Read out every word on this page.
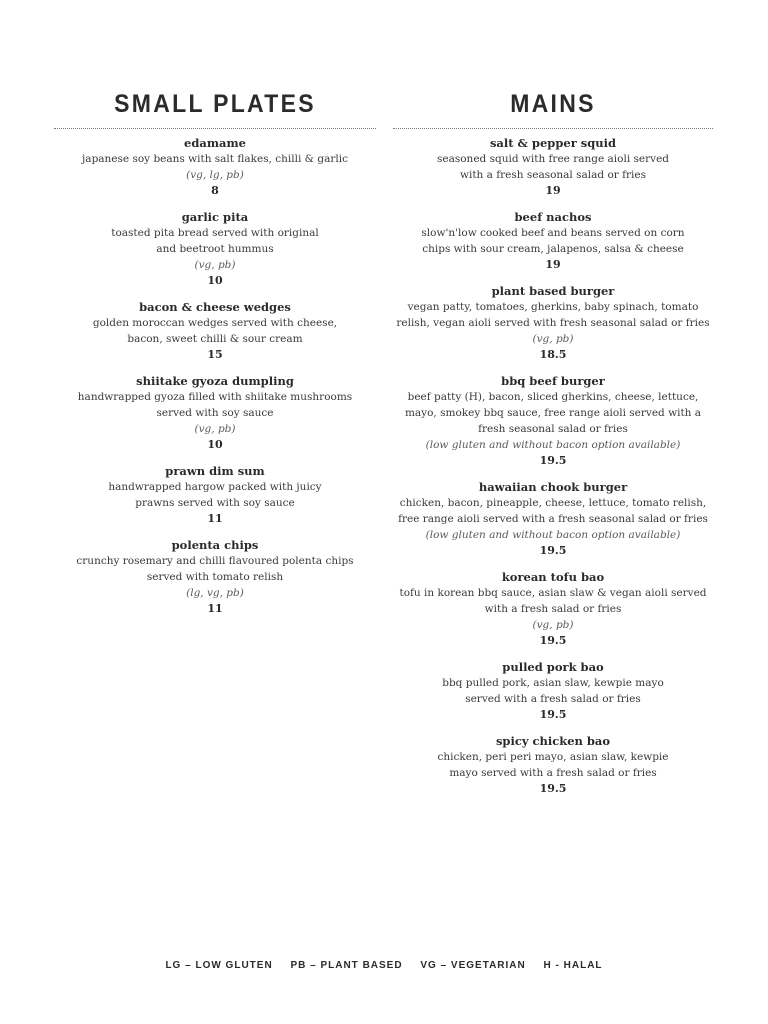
SMALL PLATES
edamame
japanese soy beans with salt flakes, chilli & garlic
(vg, lg, pb)
8
garlic pita
toasted pita bread served with original
and beetroot hummus
(vg, pb)
10
bacon & cheese wedges
golden moroccan wedges served with cheese,
bacon, sweet chilli & sour cream
15
shiitake gyoza dumpling
handwrapped gyoza filled with shiitake mushrooms
served with soy sauce
(vg, pb)
10
prawn dim sum
handwrapped hargow packed with juicy
prawns served with soy sauce
11
polenta chips
crunchy rosemary and chilli flavoured polenta chips
served with tomato relish
(lg, vg, pb)
11
MAINS
salt & pepper squid
seasoned squid with free range aioli served
with a fresh seasonal salad or fries
19
beef nachos
slow'n'low cooked beef and beans served on corn
chips with sour cream, jalapenos, salsa & cheese
19
plant based burger
vegan patty, tomatoes, gherkins, baby spinach, tomato
relish, vegan aioli served with fresh seasonal salad or fries
(vg, pb)
18.5
bbq beef burger
beef patty (H), bacon, sliced gherkins, cheese, lettuce,
mayo, smokey bbq sauce, free range aioli served with a
fresh seasonal salad or fries
(low gluten and without bacon option available)
19.5
hawaiian chook burger
chicken, bacon, pineapple, cheese, lettuce, tomato relish,
free range aioli served with a fresh seasonal salad or fries
(low gluten and without bacon option available)
19.5
korean tofu bao
tofu in korean bbq sauce, asian slaw & vegan aioli served
with a fresh salad or fries
(vg, pb)
19.5
pulled pork bao
bbq pulled pork, asian slaw, kewpie mayo
served with a fresh salad or fries
19.5
spicy chicken bao
chicken, peri peri mayo, asian slaw, kewpie
mayo served with a fresh salad or fries
19.5
LG – LOW GLUTEN PB – PLANT BASED VG – VEGETARIAN H - HALAL
